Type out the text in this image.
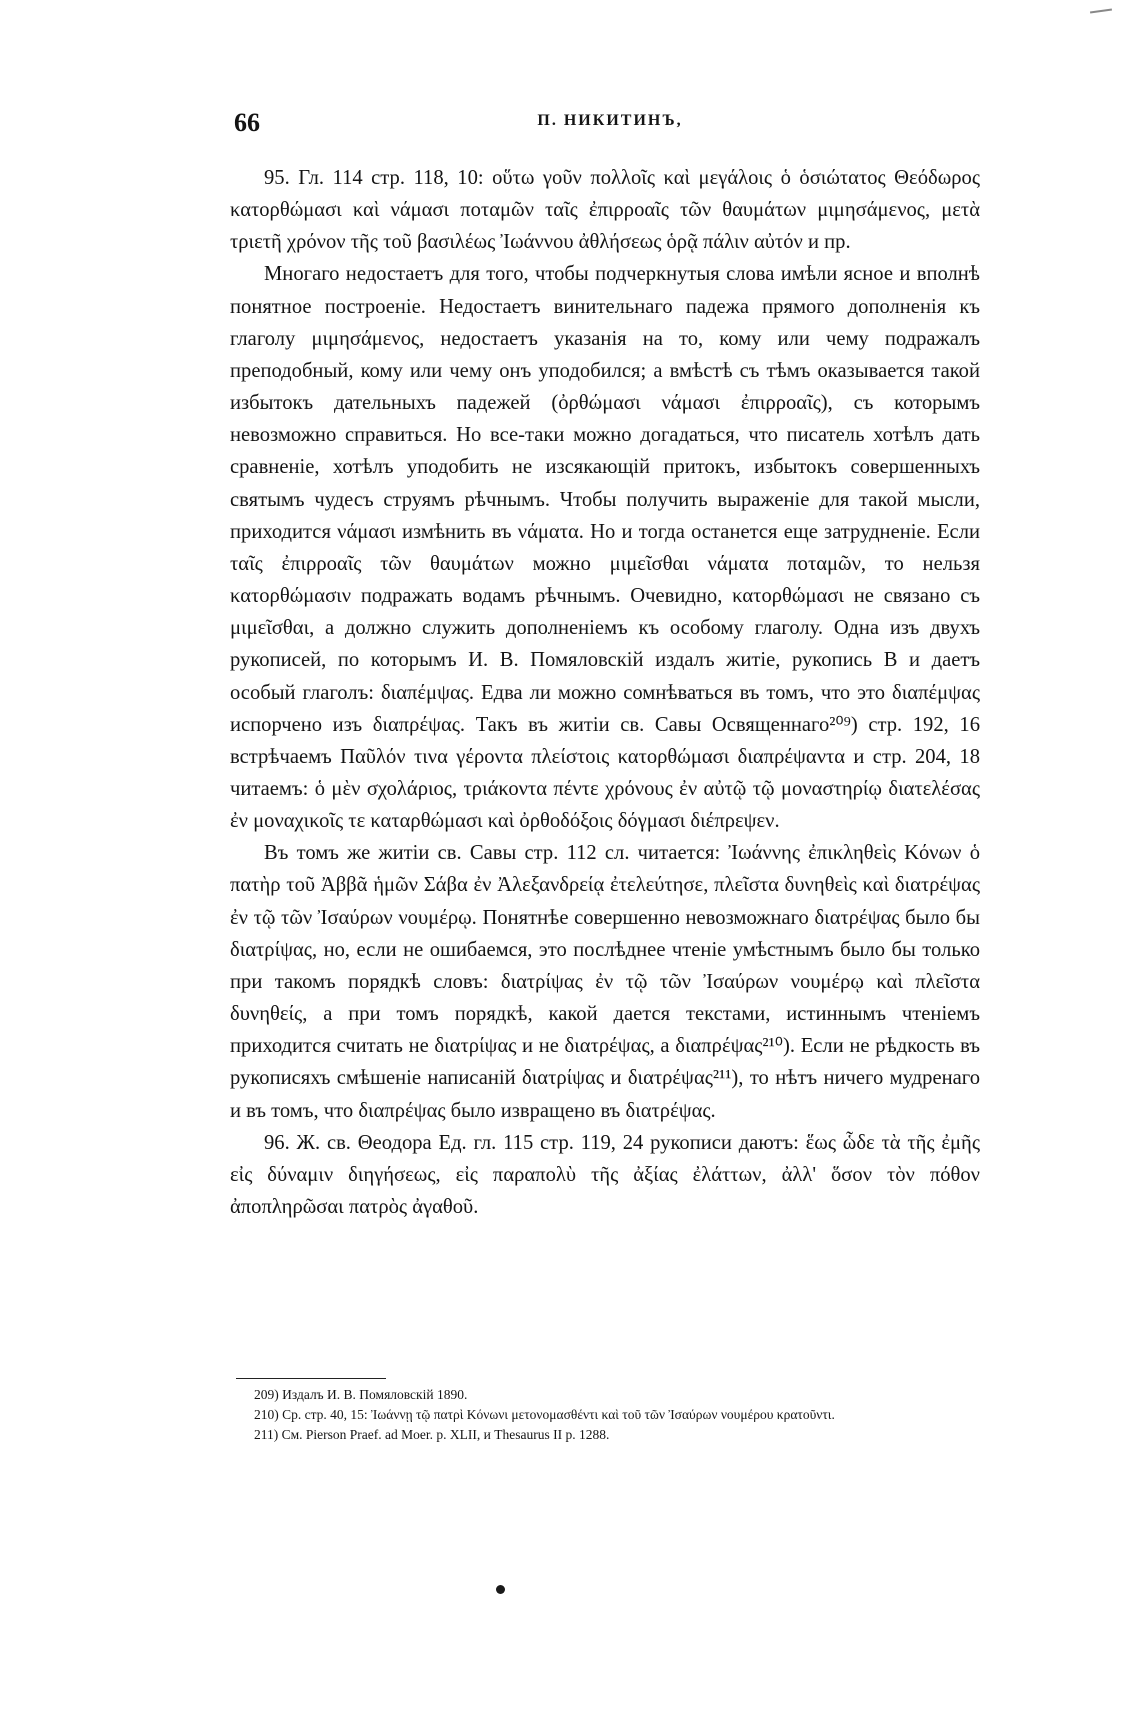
66	П. НИКИТИНЪ,

95. Гл. 114 стр. 118, 10: οὕτω γοῦν πολλοῖς καὶ μεγάλοις ὁ ὁσιώτατος Θεόδωρος κατορθώμασι καὶ νάμασι ποταμῶν ταῖς ἐπιρροαῖς τῶν θαυμάτων μιμησάμενος, μετὰ τριετῆ χρόνον τῆς τοῦ βασιλέως Ἰωάννου ἀθλήσεως ὁρᾷ πάλιν αὐτόν и пр.

Многаго недостаетъ для того, чтобы подчеркнутыя слова имѣли ясное и вполнѣ понятное построеніе. Недостаетъ винительнаго падежа прямого дополненія къ глаголу μιμησάμενος, недостаетъ указанія на то, кому или чему подражалъ преподобный, кому или чему онъ уподобился; а вмѣстѣ съ тѣмъ оказывается такой избытокъ дательныхъ падежей (ὀρθώμασι νάμασι ἐπιρροαῖς), съ которымъ невозможно справиться. Но все-таки можно догадаться, что писатель хотѣлъ дать сравненіе, хотѣлъ уподобить не изсякающій притокъ, избытокъ совершенныхъ святымъ чудесъ струямъ рѣчнымъ. Чтобы получить выраженіе для такой мысли, приходится νάμασι измѣнить въ νάματα. Но и тогда останется еще затрудненіе. Если ταῖς ἐπιρροαῖς τῶν θαυμάτων можно μιμεῖσθαι νάματα ποταμῶν, то нельзя κατορθώμασιν подражать водамъ рѣчнымъ. Очевидно, κατορθώμασι не связано съ μιμεῖσθαι, а должно служить дополненіемъ къ особому глаголу. Одна изъ двухъ рукописей, по которымъ И. В. Помяловскій издалъ житіе, рукопись В и даетъ особый глаголъ: διαπέμψας. Едва ли можно сомнѣваться въ томъ, что это διαπέμψας испорчено изъ διαπρέψας. Такъ въ житіи св. Савы Освященнаго²⁰⁹) стр. 192, 16 встрѣчаемъ Παῦλόν τινα γέροντα πλείστοις κατορθώμασι διαπρέψαντα и стр. 204, 18 читаемъ: ὁ μὲν σχολάριος, τριάκοντα πέντε χρόνους ἐν αὐτῷ τῷ μοναστηρίῳ διατελέσας ἐν μοναχικοῖς τε καταρθώμασι καὶ ὀρθοδόξοις δόγμασι διέπρεψεν.

Въ томъ же житіи св. Савы стр. 112 сл. читается: Ἰωάννης ἐπικληθεὶς Κόνων ὁ πατὴρ τοῦ Ἀββᾶ ἡμῶν Σάβα ἐν Ἀλεξανδρείᾳ ἐτελεύτησε, πλεῖστα δυνηθεὶς καὶ διατρέψας ἐν τῷ τῶν Ἰσαύρων νουμέρῳ. Понятнѣе совершенно невозможнаго διατρέψας было бы διατρίψας, но, если не ошибаемся, это послѣднее чтеніе умѣстнымъ было бы только при такомъ порядкѣ словъ: διατρίψας ἐν τῷ τῶν Ἰσαύρων νουμέρῳ καὶ πλεῖστα δυνηθείς, а при томъ порядкѣ, какой дается текстами, истиннымъ чтеніемъ приходится считать не διατρίψας и не διατρέψας, а διαπρέψας²¹⁰). Если не рѣдкость въ рукописяхъ смѣшеніе написаній διατρίψας и διατρέψας²¹¹), то нѣтъ ничего мудренаго и въ томъ, что διαπρέψας было извращено въ διατρέψας.

96. Ж. св. Θеодора Ед. гл. 115 стр. 119, 24 рукописи даютъ: ἕως ὧδε τὰ τῆς ἐμῆς εἰς δύναμιν διηγήσεως, εἰς παραπολὺ τῆς ἀξίας ἐλάττων, ἀλλ' ὅσον τὸν πόθον ἀποπληρῶσαι πατρὸς ἀγαθοῦ.

209) Издалъ И. В. Помяловскій 1890.

210) Ср. стр. 40, 15: Ἰωάννῃ τῷ πατρὶ Κόνωνι μετονομασθέντι καὶ τοῦ τῶν Ἰσαύρων νουμέρου κρατοῦντι.

211) См. Pierson Praef. ad Moer. p. XLII, и Thesaurus II p. 1288.
